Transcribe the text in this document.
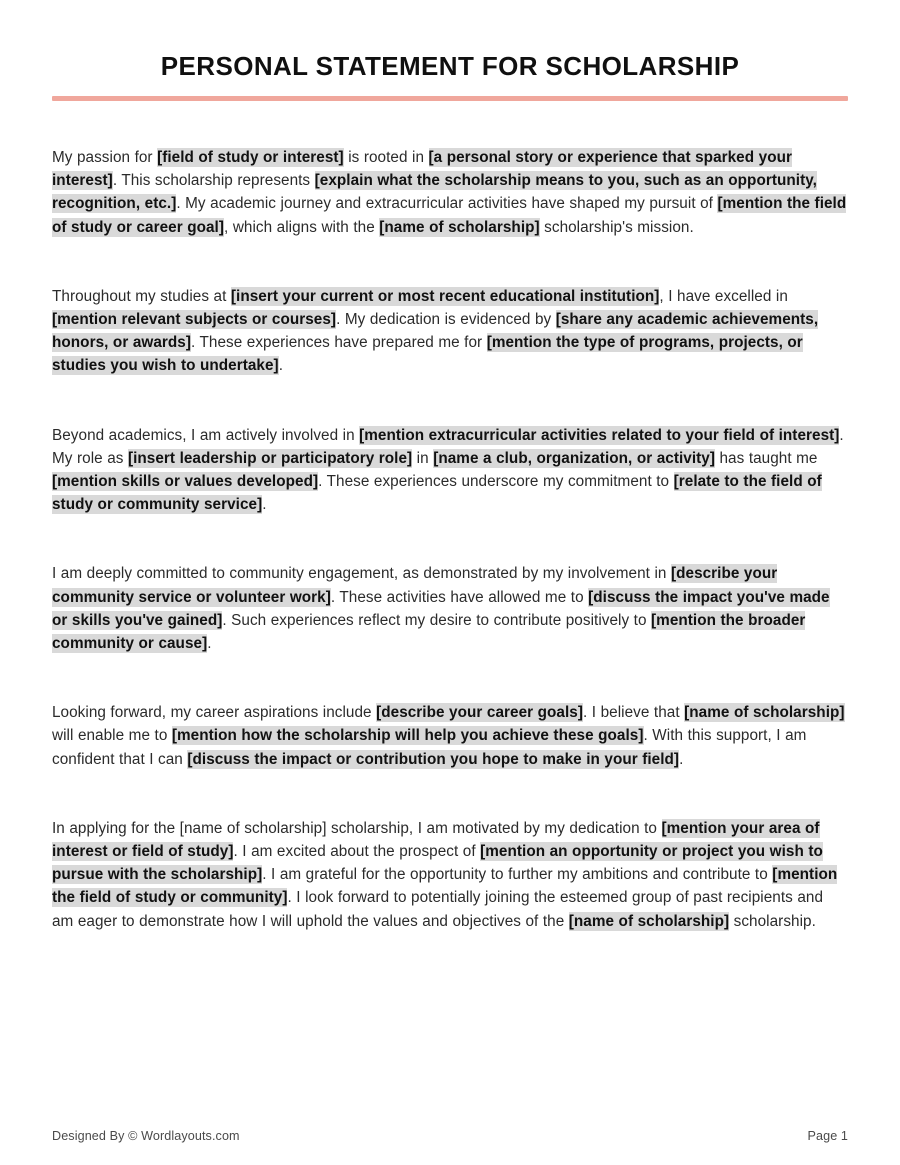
PERSONAL STATEMENT FOR SCHOLARSHIP

My passion for [field of study or interest] is rooted in [a personal story or experience that sparked your interest]. This scholarship represents [explain what the scholarship means to you, such as an opportunity, recognition, etc.]. My academic journey and extracurricular activities have shaped my pursuit of [mention the field of study or career goal], which aligns with the [name of scholarship] scholarship's mission.

Throughout my studies at [insert your current or most recent educational institution], I have excelled in [mention relevant subjects or courses]. My dedication is evidenced by [share any academic achievements, honors, or awards]. These experiences have prepared me for [mention the type of programs, projects, or studies you wish to undertake].

Beyond academics, I am actively involved in [mention extracurricular activities related to your field of interest]. My role as [insert leadership or participatory role] in [name a club, organization, or activity] has taught me [mention skills or values developed]. These experiences underscore my commitment to [relate to the field of study or community service].

I am deeply committed to community engagement, as demonstrated by my involvement in [describe your community service or volunteer work]. These activities have allowed me to [discuss the impact you've made or skills you've gained]. Such experiences reflect my desire to contribute positively to [mention the broader community or cause].

Looking forward, my career aspirations include [describe your career goals]. I believe that [name of scholarship] will enable me to [mention how the scholarship will help you achieve these goals]. With this support, I am confident that I can [discuss the impact or contribution you hope to make in your field].

In applying for the [name of scholarship] scholarship, I am motivated by my dedication to [mention your area of interest or field of study]. I am excited about the prospect of [mention an opportunity or project you wish to pursue with the scholarship]. I am grateful for the opportunity to further my ambitions and contribute to [mention the field of study or community]. I look forward to potentially joining the esteemed group of past recipients and am eager to demonstrate how I will uphold the values and objectives of the [name of scholarship] scholarship.

Designed By © Wordlayouts.com	Page 1
